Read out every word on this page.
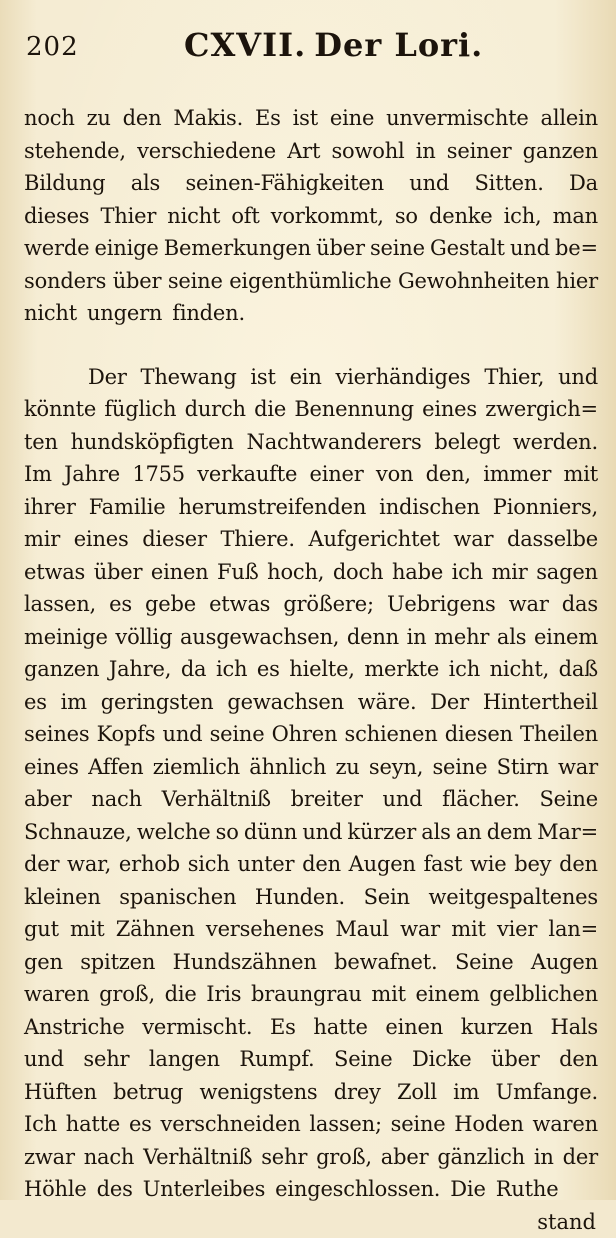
202	CXVII. Der Lori.
noch zu den Makis. Es ist eine unvermischte allein
stehende, verschiedene Art sowohl in seiner ganzen
Bildung als seinen-Fähigkeiten und Sitten. Da
dieses Thier nicht oft vorkommt, so denke ich, man
werde einige Bemerkungen über seine Gestalt und be=
sonders über seine eigenthümliche Gewohnheiten hier
nicht ungern finden.
Der Thewang ist ein vierhändiges Thier, und
könnte füglich durch die Benennung eines zwergich=
ten hundsköpfigten Nachtwanderers belegt werden.
Im Jahre 1755 verkaufte einer von den, immer mit
ihrer Familie herumstreifenden indischen Pionniers,
mir eines dieser Thiere. Aufgerichtet war dasselbe
etwas über einen Fuß hoch, doch habe ich mir sagen
lassen, es gebe etwas größere; Uebrigens war das
meinige völlig ausgewachsen, denn in mehr als einem
ganzen Jahre, da ich es hielte, merkte ich nicht, daß
es im geringsten gewachsen wäre. Der Hintertheil
seines Kopfs und seine Ohren schienen diesen Theilen
eines Affen ziemlich ähnlich zu seyn, seine Stirn war
aber nach Verhältniß breiter und flächer. Seine
Schnauze, welche so dünn und kürzer als an dem Mar=
der war, erhob sich unter den Augen fast wie bey den
kleinen spanischen Hunden. Sein weitgespaltenes
gut mit Zähnen versehenes Maul war mit vier lan=
gen spitzen Hundszähnen bewafnet. Seine Augen
waren groß, die Iris braungrau mit einem gelblichen
Anstriche vermischt. Es hatte einen kurzen Hals
und sehr langen Rumpf. Seine Dicke über den
Hüften betrug wenigstens drey Zoll im Umfange.
Ich hatte es verschneiden lassen; seine Hoden waren
zwar nach Verhältniß sehr groß, aber gänzlich in der
Höhle des Unterleibes eingeschlossen. Die Ruthe
stand
